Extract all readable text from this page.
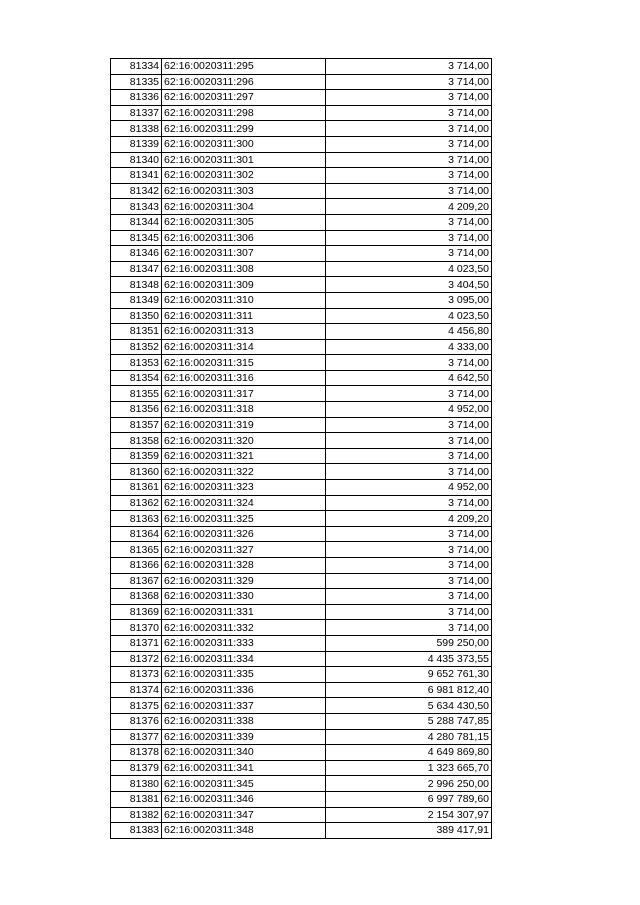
81334	62:16:0020311:295	3 714,00
81335	62:16:0020311:296	3 714,00
81336	62:16:0020311:297	3 714,00
81337	62:16:0020311:298	3 714,00
81338	62:16:0020311:299	3 714,00
81339	62:16:0020311:300	3 714,00
81340	62:16:0020311:301	3 714,00
81341	62:16:0020311:302	3 714,00
81342	62:16:0020311:303	3 714,00
81343	62:16:0020311:304	4 209,20
81344	62:16:0020311:305	3 714,00
81345	62:16:0020311:306	3 714,00
81346	62:16:0020311:307	3 714,00
81347	62:16:0020311:308	4 023,50
81348	62:16:0020311:309	3 404,50
81349	62:16:0020311:310	3 095,00
81350	62:16:0020311:311	4 023,50
81351	62:16:0020311:313	4 456,80
81352	62:16:0020311:314	4 333,00
81353	62:16:0020311:315	3 714,00
81354	62:16:0020311:316	4 642,50
81355	62:16:0020311:317	3 714,00
81356	62:16:0020311:318	4 952,00
81357	62:16:0020311:319	3 714,00
81358	62:16:0020311:320	3 714,00
81359	62:16:0020311:321	3 714,00
81360	62:16:0020311:322	3 714,00
81361	62:16:0020311:323	4 952,00
81362	62:16:0020311:324	3 714,00
81363	62:16:0020311:325	4 209,20
81364	62:16:0020311:326	3 714,00
81365	62:16:0020311:327	3 714,00
81366	62:16:0020311:328	3 714,00
81367	62:16:0020311:329	3 714,00
81368	62:16:0020311:330	3 714,00
81369	62:16:0020311:331	3 714,00
81370	62:16:0020311:332	3 714,00
81371	62:16:0020311:333	599 250,00
81372	62:16:0020311:334	4 435 373,55
81373	62:16:0020311:335	9 652 761,30
81374	62:16:0020311:336	6 981 812,40
81375	62:16:0020311:337	5 634 430,50
81376	62:16:0020311:338	5 288 747,85
81377	62:16:0020311:339	4 280 781,15
81378	62:16:0020311:340	4 649 869,80
81379	62:16:0020311:341	1 323 665,70
81380	62:16:0020311:345	2 996 250,00
81381	62:16:0020311:346	6 997 789,60
81382	62:16:0020311:347	2 154 307,97
81383	62:16:0020311:348	389 417,91
